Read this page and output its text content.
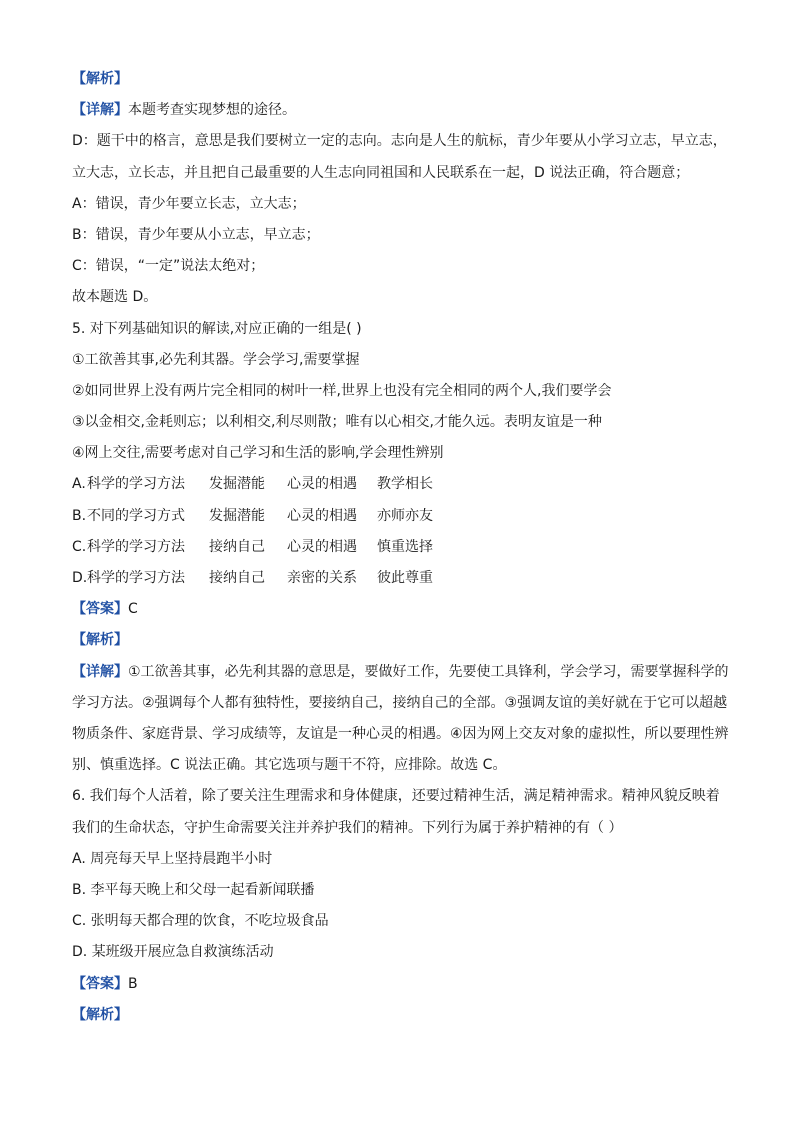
【解析】
【详解】本题考查实现梦想的途径。
D：题干中的格言，意思是我们要树立一定的志向。志向是人生的航标，青少年要从小学习立志，早立志，立大志，立长志，并且把自己最重要的人生志向同祖国和人民联系在一起，D 说法正确，符合题意；
A：错误，青少年要立长志，立大志；
B：错误，青少年要从小立志，早立志；
C：错误，“一定”说法太绝对；
故本题选 D。
5. 对下列基础知识的解读,对应正确的一组是( )
①工欲善其事,必先利其器。学会学习,需要掌握
②如同世界上没有两片完全相同的树叶一样,世界上也没有完全相同的两个人,我们要学会
③以金相交,金耗则忘；以利相交,利尽则散；唯有以心相交,才能久远。表明友谊是一种
④网上交往,需要考虑对自己学习和生活的影响,学会理性辨别
A. 科学的学习方法	发掘潜能	心灵的相遇	教学相长
B. 不同的学习方式	发掘潜能	心灵的相遇	亦师亦友
C. 科学的学习方法	接纳自己	心灵的相遇	慎重选择
D. 科学的学习方法	接纳自己	亲密的关系	彼此尊重
【答案】C
【解析】
【详解】①工欲善其事，必先利其器的意思是，要做好工作，先要使工具锋利，学会学习，需要掌握科学的学习方法。②强调每个人都有独特性，要接纳自己，接纳自己的全部。③强调友谊的美好就在于它可以超越物质条件、家庭背景、学习成绩等，友谊是一种心灵的相遇。④因为网上交友对象的虚拟性，所以要理性辨别、慎重选择。C 说法正确。其它选项与题干不符，应排除。故选 C。
6. 我们每个人活着，除了要关注生理需求和身体健康，还要过精神生活，满足精神需求。精神风貌反映着我们的生命状态，守护生命需要关注并养护我们的精神。下列行为属于养护精神的有（ ）
A. 周亮每天早上坚持晨跑半小时
B. 李平每天晚上和父母一起看新闻联播
C. 张明每天都合理的饮食，不吃垃圾食品
D. 某班级开展应急自救演练活动
【答案】B
【解析】
